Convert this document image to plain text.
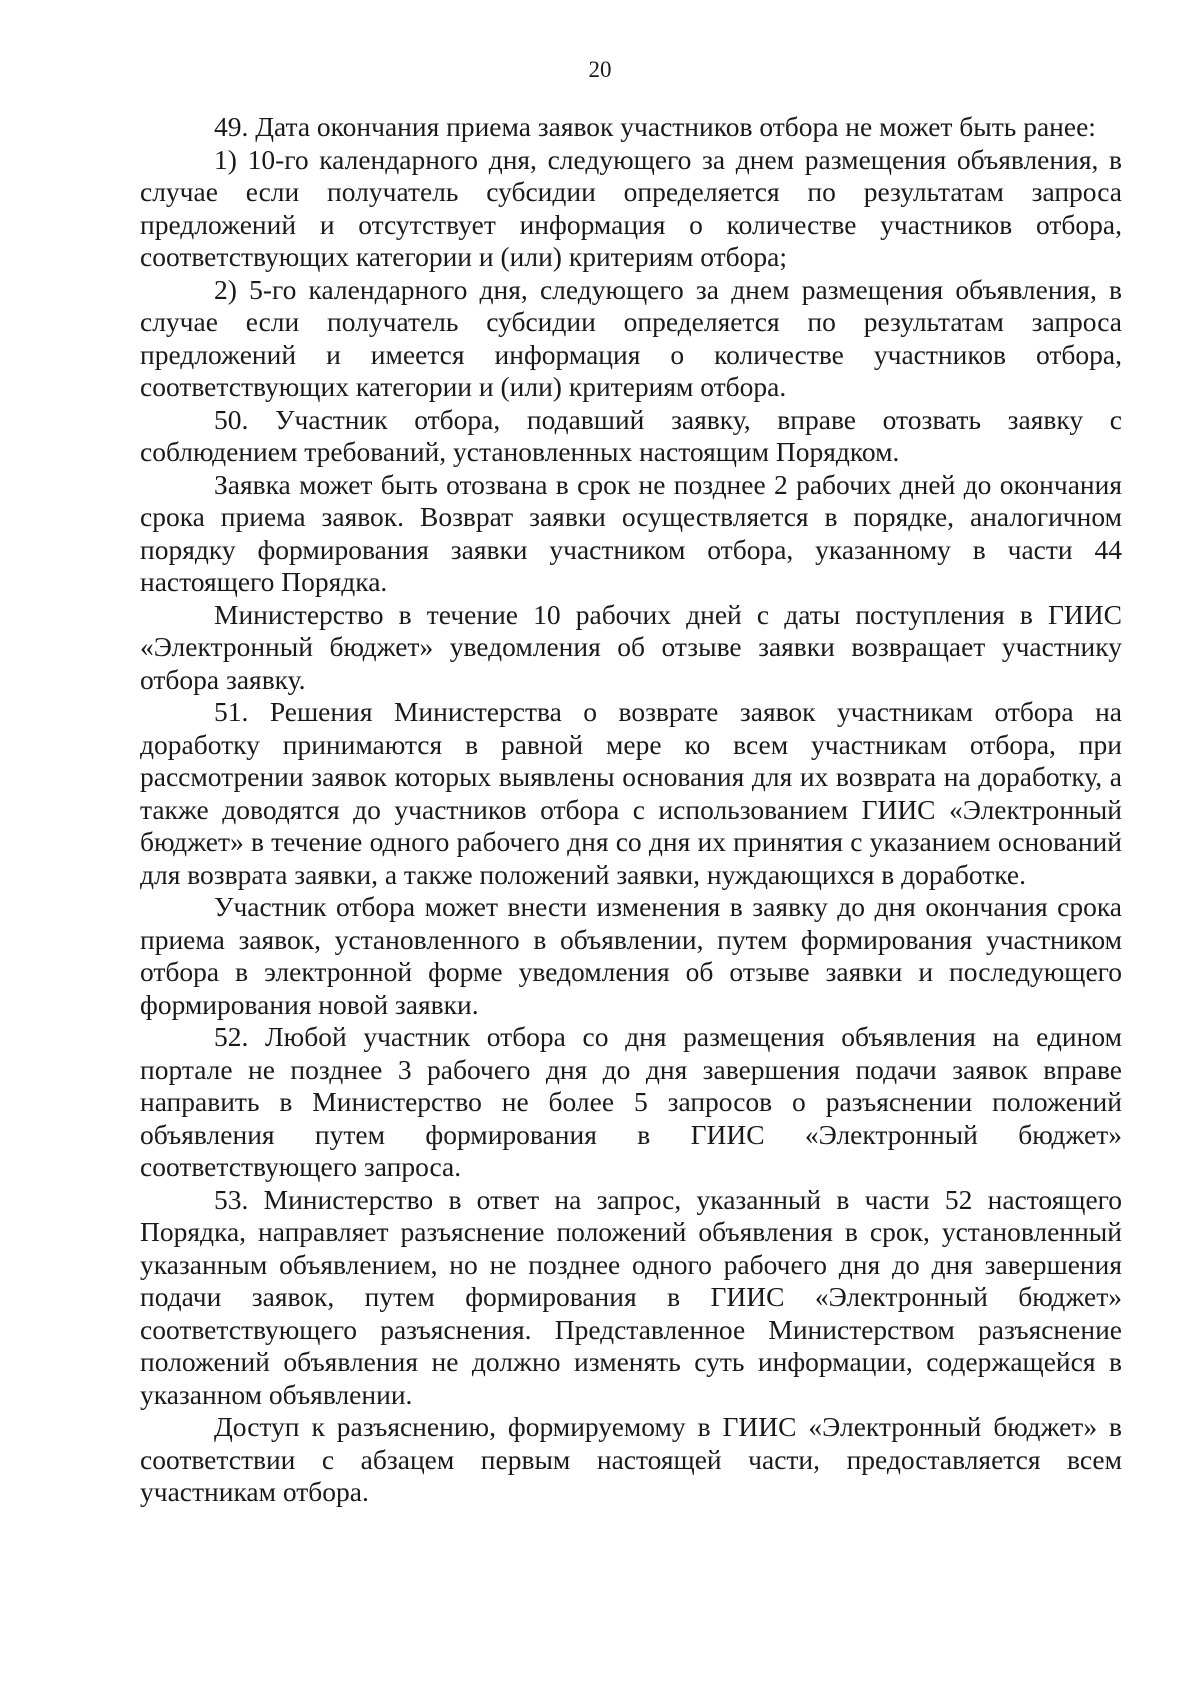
20

49. Дата окончания приема заявок участников отбора не может быть ранее:

1) 10-го календарного дня, следующего за днем размещения объявления, в случае если получатель субсидии определяется по результатам запроса предложений и отсутствует информация о количестве участников отбора, соответствующих категории и (или) критериям отбора;

2) 5-го календарного дня, следующего за днем размещения объявления, в случае если получатель субсидии определяется по результатам запроса предложений и имеется информация о количестве участников отбора, соответствующих категории и (или) критериям отбора.

50. Участник отбора, подавший заявку, вправе отозвать заявку с соблюдением требований, установленных настоящим Порядком.

Заявка может быть отозвана в срок не позднее 2 рабочих дней до окончания срока приема заявок. Возврат заявки осуществляется в порядке, аналогичном порядку формирования заявки участником отбора, указанному в части 44 настоящего Порядка.

Министерство в течение 10 рабочих дней с даты поступления в ГИИС «Электронный бюджет» уведомления об отзыве заявки возвращает участнику отбора заявку.

51. Решения Министерства о возврате заявок участникам отбора на доработку принимаются в равной мере ко всем участникам отбора, при рассмотрении заявок которых выявлены основания для их возврата на доработку, а также доводятся до участников отбора с использованием ГИИС «Электронный бюджет» в течение одного рабочего дня со дня их принятия с указанием оснований для возврата заявки, а также положений заявки, нуждающихся в доработке.

Участник отбора может внести изменения в заявку до дня окончания срока приема заявок, установленного в объявлении, путем формирования участником отбора в электронной форме уведомления об отзыве заявки и последующего формирования новой заявки.

52. Любой участник отбора со дня размещения объявления на едином портале не позднее 3 рабочего дня до дня завершения подачи заявок вправе направить в Министерство не более 5 запросов о разъяснении положений объявления путем формирования в ГИИС «Электронный бюджет» соответствующего запроса.

53. Министерство в ответ на запрос, указанный в части 52 настоящего Порядка, направляет разъяснение положений объявления в срок, установленный указанным объявлением, но не позднее одного рабочего дня до дня завершения подачи заявок, путем формирования в ГИИС «Электронный бюджет» соответствующего разъяснения. Представленное Министерством разъяснение положений объявления не должно изменять суть информации, содержащейся в указанном объявлении.

Доступ к разъяснению, формируемому в ГИИС «Электронный бюджет» в соответствии с абзацем первым настоящей части, предоставляется всем участникам отбора.
